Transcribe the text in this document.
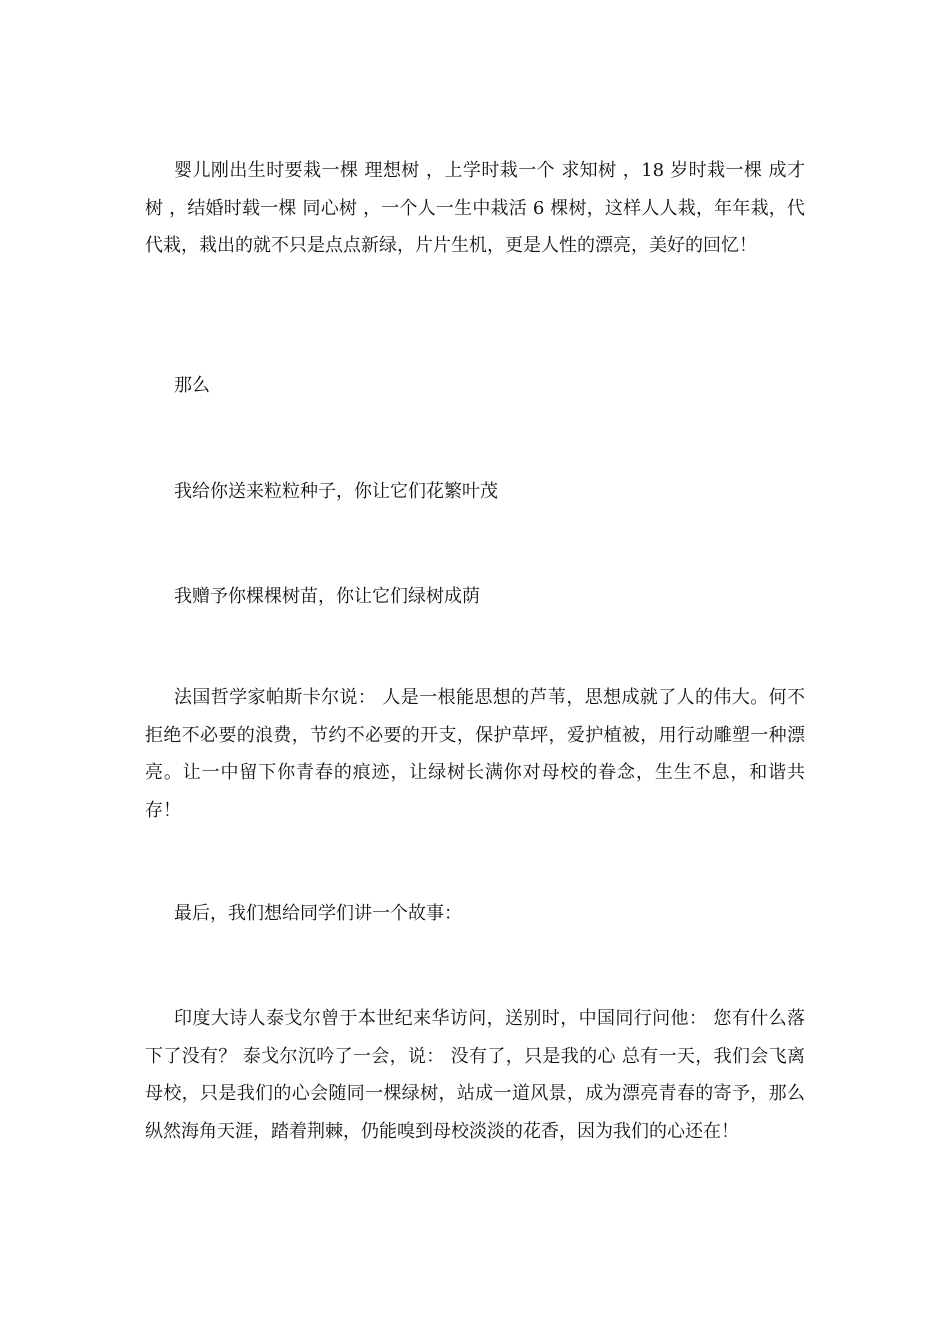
婴儿刚出生时要栽一棵 理想树 ，上学时栽一个 求知树 ，18 岁时栽一棵 成才树 ，结婚时载一棵 同心树 ，一个人一生中栽活 6 棵树，这样人人栽，年年栽，代代栽，栽出的就不只是点点新绿，片片生机，更是人性的漂亮，美好的回忆！

那么

我给你送来粒粒种子，你让它们花繁叶茂

我赠予你棵棵树苗，你让它们绿树成荫

法国哲学家帕斯卡尔说： 人是一根能思想的芦苇，思想成就了人的伟大。何不拒绝不必要的浪费，节约不必要的开支，保护草坪，爱护植被，用行动雕塑一种漂亮。让一中留下你青春的痕迹，让绿树长满你对母校的眷念，生生不息，和谐共存！

最后，我们想给同学们讲一个故事：

印度大诗人泰戈尔曾于本世纪来华访问，送别时，中国同行问他： 您有什么落下了没有？ 泰戈尔沉吟了一会，说： 没有了，只是我的心 总有一天，我们会飞离母校，只是我们的心会随同一棵绿树，站成一道风景，成为漂亮青春的寄予，那么纵然海角天涯，踏着荆棘，仍能嗅到母校淡淡的花香，因为我们的心还在！
